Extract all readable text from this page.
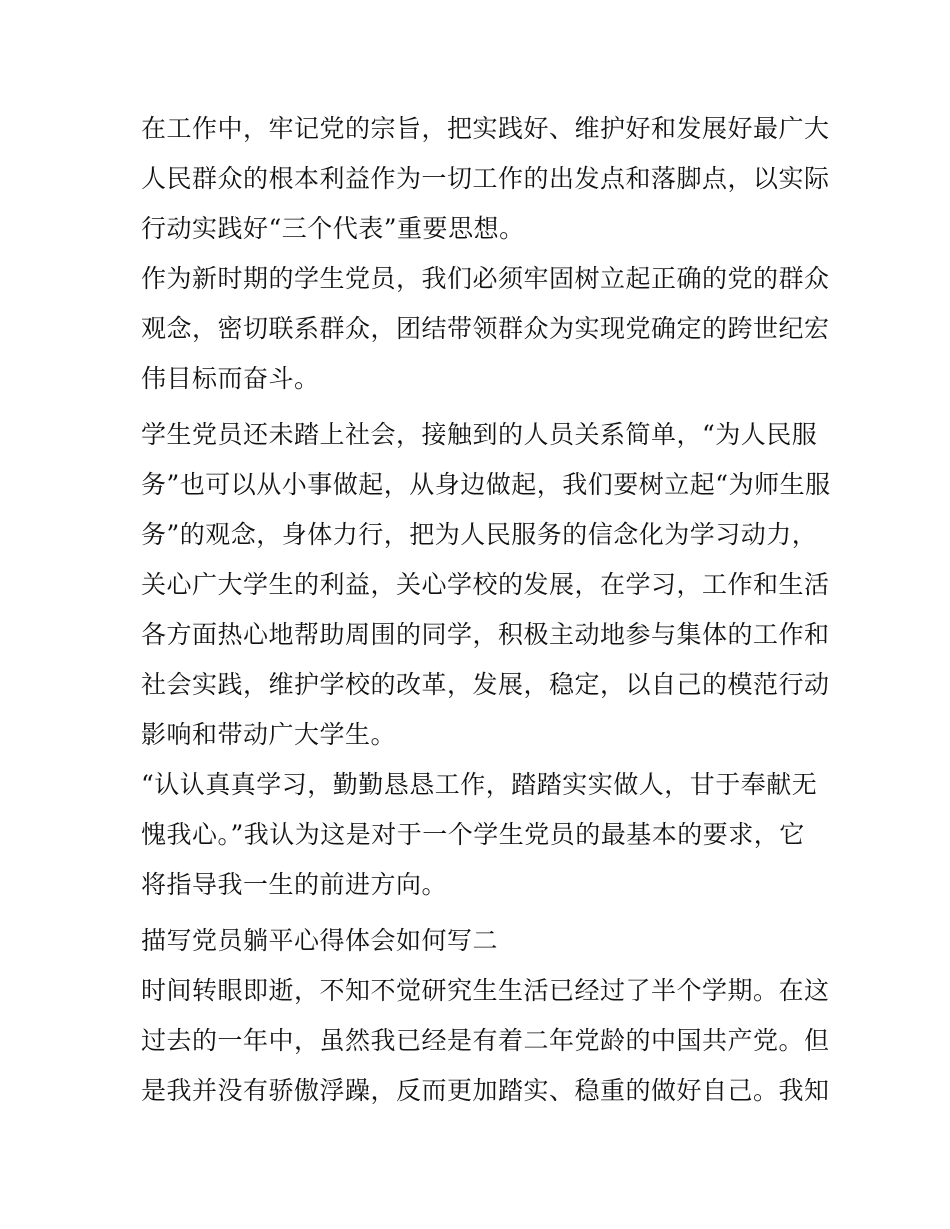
在工作中，牢记党的宗旨，把实践好、维护好和发展好最广大
人民群众的根本利益作为一切工作的出发点和落脚点，以实际
行动实践好“三个代表”重要思想。
作为新时期的学生党员，我们必须牢固树立起正确的党的群众
观念，密切联系群众，团结带领群众为实现党确定的跨世纪宏
伟目标而奋斗。
学生党员还未踏上社会，接触到的人员关系简单，“为人民服
务”也可以从小事做起，从身边做起，我们要树立起“为师生服
务”的观念，身体力行，把为人民服务的信念化为学习动力，
关心广大学生的利益，关心学校的发展，在学习，工作和生活
各方面热心地帮助周围的同学，积极主动地参与集体的工作和
社会实践，维护学校的改革，发展，稳定，以自己的模范行动
影响和带动广大学生。
“认认真真学习，勤勤恳恳工作，踏踏实实做人，甘于奉献无
愧我心。”我认为这是对于一个学生党员的最基本的要求，它
将指导我一生的前进方向。
描写党员躺平心得体会如何写二
时间转眼即逝，不知不觉研究生生活已经过了半个学期。在这
过去的一年中，虽然我已经是有着二年党龄的中国共产党。但
是我并没有骄傲浮躁，反而更加踏实、稳重的做好自己。我知
